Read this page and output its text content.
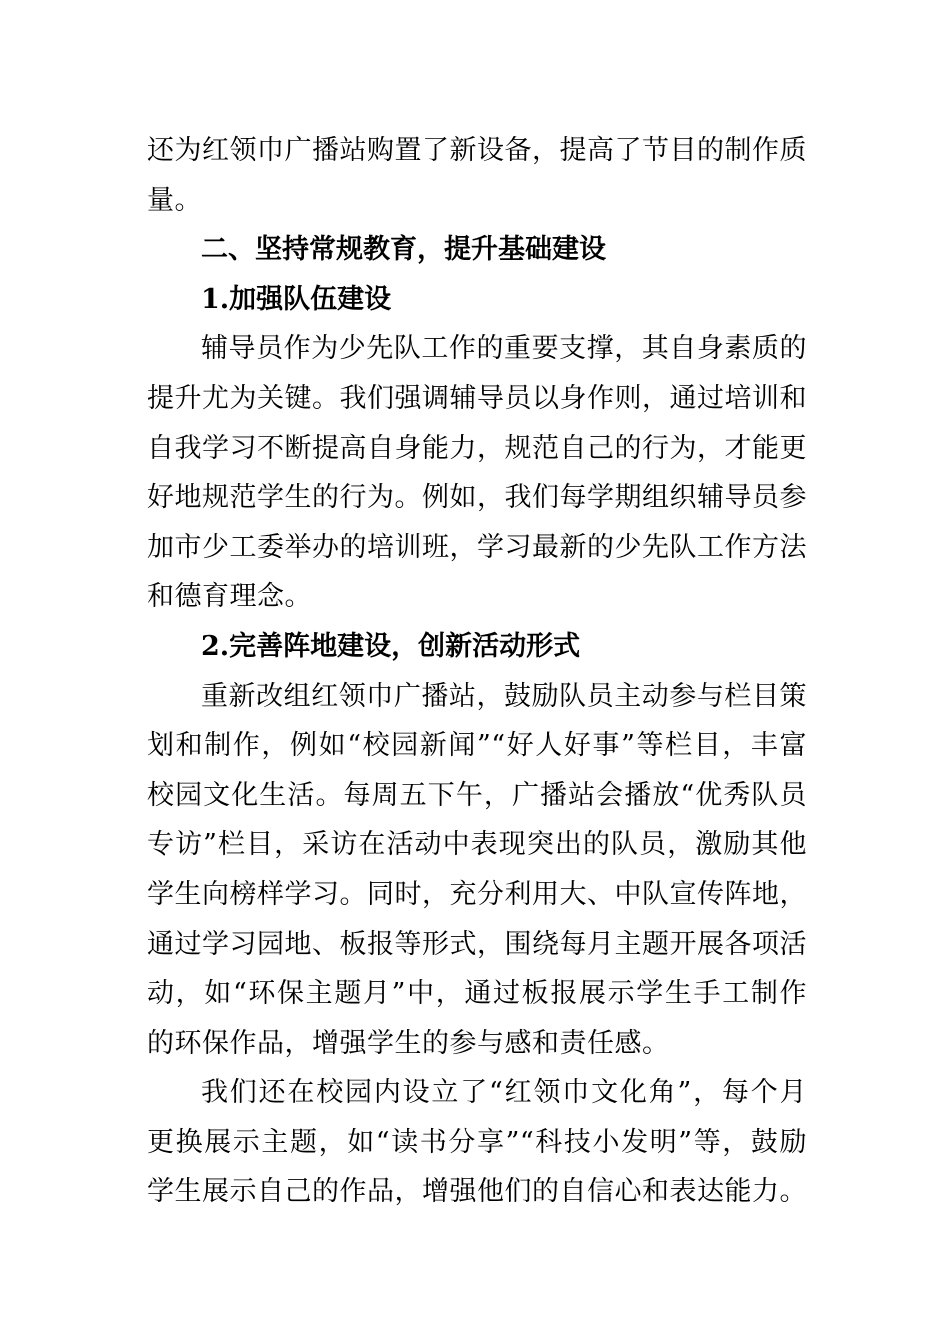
还为红领巾广播站购置了新设备，提高了节目的制作质量。

二、坚持常规教育，提升基础建设

1.加强队伍建设

辅导员作为少先队工作的重要支撑，其自身素质的提升尤为关键。我们强调辅导员以身作则，通过培训和自我学习不断提高自身能力，规范自己的行为，才能更好地规范学生的行为。例如，我们每学期组织辅导员参加市少工委举办的培训班，学习最新的少先队工作方法和德育理念。

2.完善阵地建设，创新活动形式

重新改组红领巾广播站，鼓励队员主动参与栏目策划和制作，例如“校园新闻”“好人好事”等栏目，丰富校园文化生活。每周五下午，广播站会播放“优秀队员专访”栏目，采访在活动中表现突出的队员，激励其他学生向榜样学习。同时，充分利用大、中队宣传阵地，通过学习园地、板报等形式，围绕每月主题开展各项活动，如“环保主题月”中，通过板报展示学生手工制作的环保作品，增强学生的参与感和责任感。

我们还在校园内设立了“红领巾文化角”，每个月更换展示主题，如“读书分享”“科技小发明”等，鼓励学生展示自己的作品，增强他们的自信心和表达能力。
